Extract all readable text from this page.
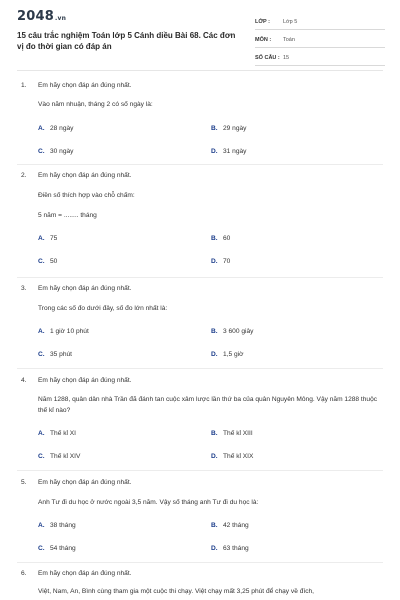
2048.vn
15 câu trắc nghiệm Toán lớp 5 Cánh diều Bài 68. Các đơn vị đo thời gian có đáp án
LỚP :	Lớp 5
MÔN :	Toán
SỐ CÂU : 15
1. Em hãy chọn đáp án đúng nhất.
Vào năm nhuận, tháng 2 có số ngày là:
A. 28 ngày	B. 29 ngày
C. 30 ngày	D. 31 ngày
2. Em hãy chọn đáp án đúng nhất.
Điền số thích hợp vào chỗ chấm:
5 năm = ........ tháng
A. 75	B. 60
C. 50	D. 70
3. Em hãy chọn đáp án đúng nhất.
Trong các số đo dưới đây, số đo lớn nhất là:
A. 1 giờ 10 phút	B. 3 600 giây
C. 35 phút	D. 1,5 giờ
4. Em hãy chọn đáp án đúng nhất.
Năm 1288, quân dân nhà Trần đã đánh tan cuộc xâm lược lần thứ ba của quân Nguyên Mông. Vậy năm 1288 thuộc thế kỉ nào?
A. Thế kỉ XI	B. Thế kỉ XIII
C. Thế kỉ XIV	D. Thế kỉ XIX
5. Em hãy chọn đáp án đúng nhất.
Anh Tư đi du học ở nước ngoài 3,5 năm. Vậy số tháng anh Tư đi du học là:
A. 38 tháng	B. 42 tháng
C. 54 tháng	D. 63 tháng
6. Em hãy chọn đáp án đúng nhất.
Việt, Nam, An, Bình cùng tham gia một cuộc thi chạy. Việt chạy mất 3,25 phút để chạy về đích,
